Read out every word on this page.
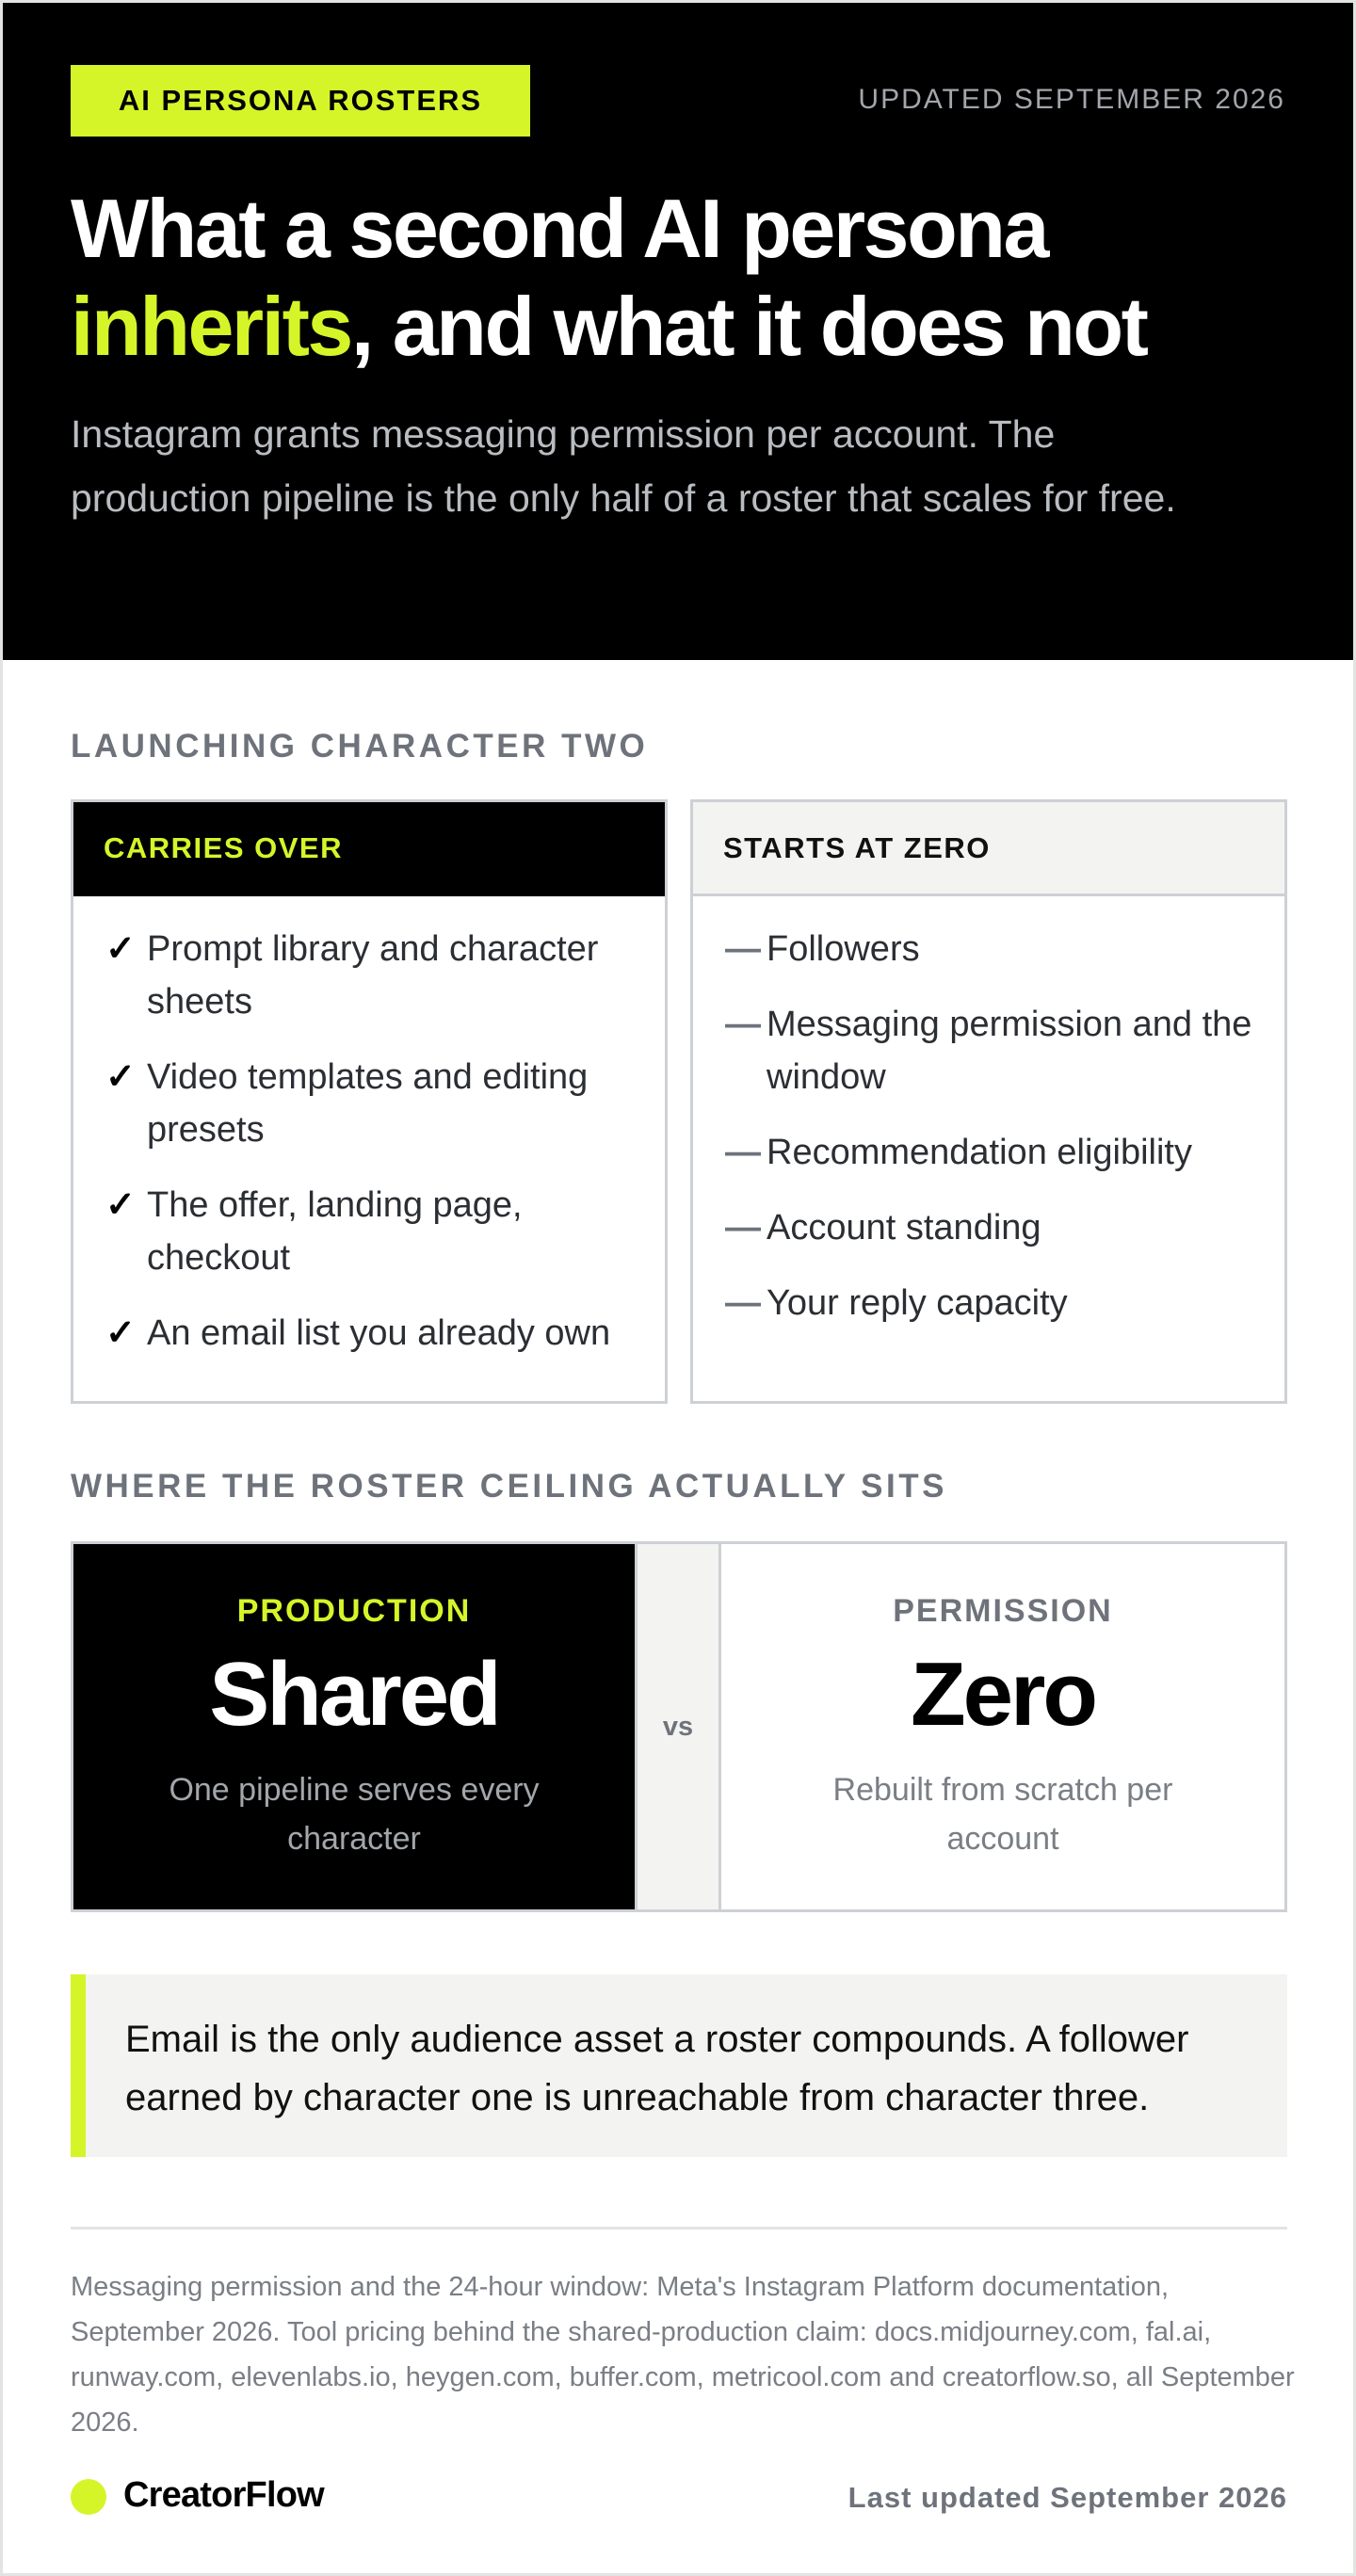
AI PERSONA ROSTERS	UPDATED SEPTEMBER 2026
What a second AI persona
inherits, and what it does not

Instagram grants messaging permission per account. The production pipeline is the only half of a roster that scales for free.

LAUNCHING CHARACTER TWO
CARRIES OVER
✓ Prompt library and character sheets
✓ Video templates and editing presets
✓ The offer, landing page, checkout
✓ An email list you already own
STARTS AT ZERO
— Followers
— Messaging permission and the window
— Recommendation eligibility
— Account standing
— Your reply capacity
WHERE THE ROSTER CEILING ACTUALLY SITS
PRODUCTION
Shared
One pipeline serves every character
vs
PERMISSION
Zero
Rebuilt from scratch per account
Email is the only audience asset a roster compounds. A follower earned by character one is unreachable from character three.

Messaging permission and the 24-hour window: Meta's Instagram Platform documentation, September 2026. Tool pricing behind the shared-production claim: docs.midjourney.com, fal.ai, runway.com, elevenlabs.io, heygen.com, buffer.com, metricool.com and creatorflow.so, all September 2026.

CreatorFlow	Last updated September 2026
